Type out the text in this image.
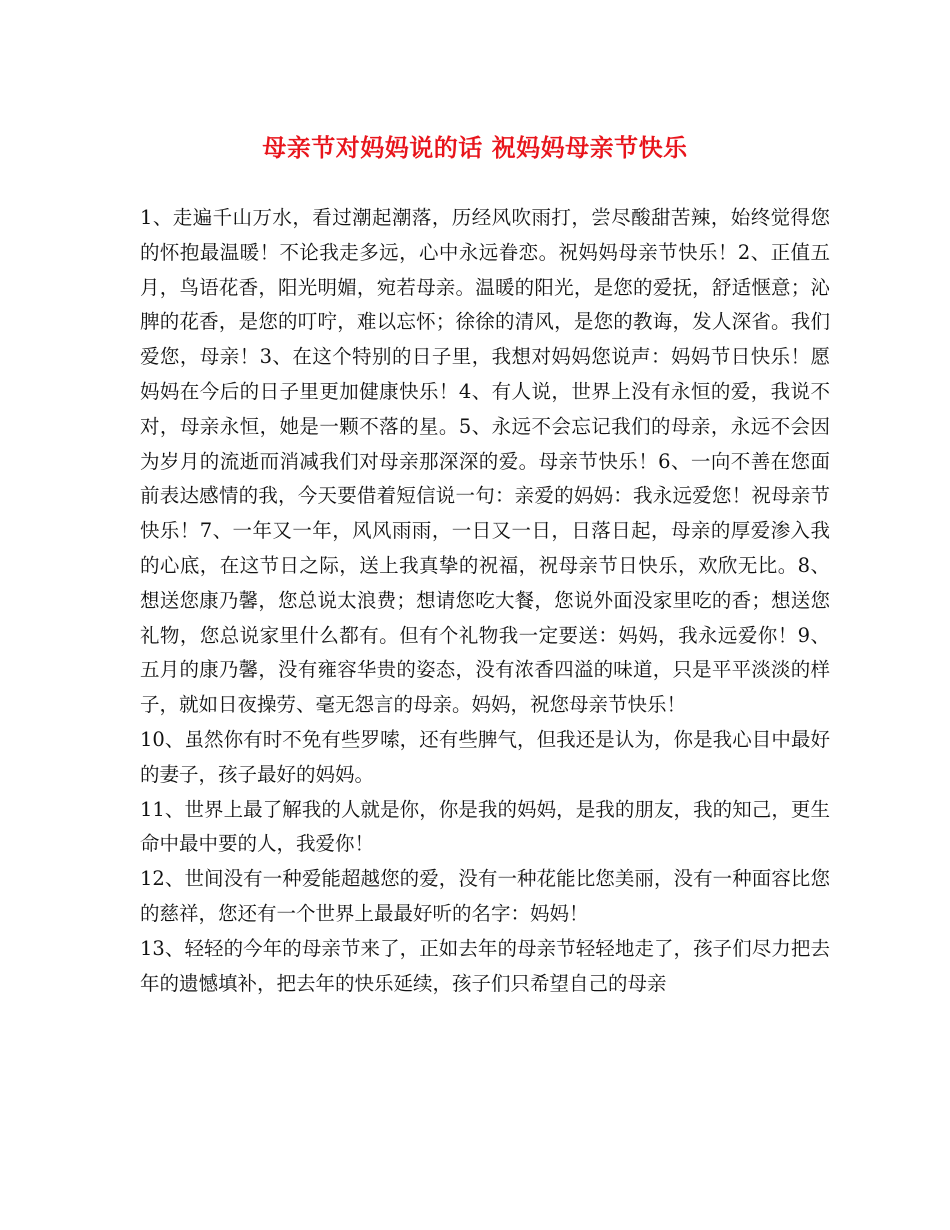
母亲节对妈妈说的话 祝妈妈母亲节快乐

1、走遍千山万水，看过潮起潮落，历经风吹雨打，尝尽酸甜苦辣，始终觉得您的怀抱最温暖！不论我走多远，心中永远眷恋。祝妈妈母亲节快乐！2、正值五月，鸟语花香，阳光明媚，宛若母亲。温暖的阳光，是您的爱抚，舒适惬意；沁脾的花香，是您的叮咛，难以忘怀；徐徐的清风，是您的教诲，发人深省。我们爱您，母亲！3、在这个特别的日子里，我想对妈妈您说声：妈妈节日快乐！愿妈妈在今后的日子里更加健康快乐！4、有人说，世界上没有永恒的爱，我说不对，母亲永恒，她是一颗不落的星。5、永远不会忘记我们的母亲，永远不会因为岁月的流逝而消减我们对母亲那深深的爱。母亲节快乐！6、一向不善在您面前表达感情的我，今天要借着短信说一句：亲爱的妈妈：我永远爱您！祝母亲节快乐！7、一年又一年，风风雨雨，一日又一日，日落日起，母亲的厚爱渗入我的心底，在这节日之际，送上我真挚的祝福，祝母亲节日快乐，欢欣无比。8、想送您康乃馨，您总说太浪费；想请您吃大餐，您说外面没家里吃的香；想送您礼物，您总说家里什么都有。但有个礼物我一定要送：妈妈，我永远爱你！9、五月的康乃馨，没有雍容华贵的姿态，没有浓香四溢的味道，只是平平淡淡的样子，就如日夜操劳、毫无怨言的母亲。妈妈，祝您母亲节快乐！

10、虽然你有时不免有些罗嗦，还有些脾气，但我还是认为，你是我心目中最好的妻子，孩子最好的妈妈。

11、世界上最了解我的人就是你，你是我的妈妈，是我的朋友，我的知己，更生命中最中要的人，我爱你！

12、世间没有一种爱能超越您的爱，没有一种花能比您美丽，没有一种面容比您的慈祥，您还有一个世界上最最好听的名字：妈妈！

13、轻轻的今年的母亲节来了，正如去年的母亲节轻轻地走了，孩子们尽力把去年的遗憾填补，把去年的快乐延续，孩子们只希望自己的母亲
